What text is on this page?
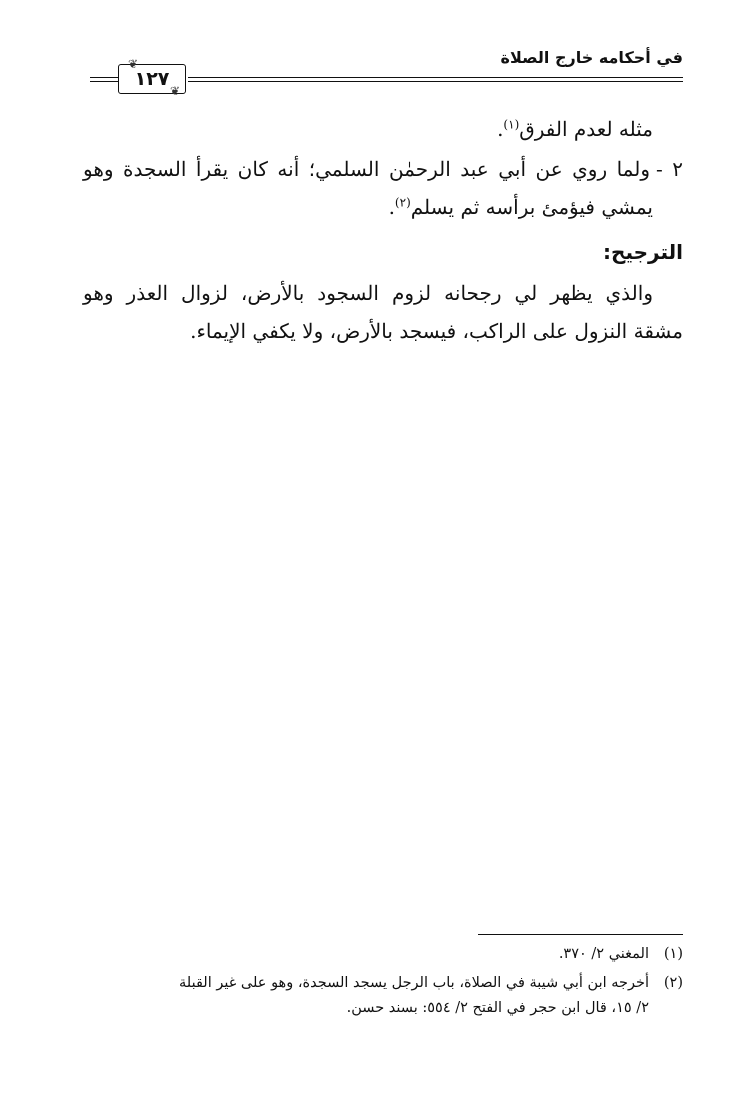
في أحكامه خارج الصلاة
١٢٧
❦
❦
مثله لعدم الفرق$^{(١)}$.
٢ -ولما روي عن أبي عبد الرحمٰن السلمي؛ أنه كان يقرأ السجدة وهو
يمشي فيؤمئ برأسه ثم يسلم$^{(٢)}$.
الترجيح:
والذي يظهر لي رجحانه لزوم السجود بالأرض، لزوال العذر وهو
مشقة النزول على الراكب، فيسجد بالأرض، ولا يكفي الإيماء.
(١)
المغني ٢/ ٣٧٠.
(٢)
أخرجه ابن أبي شيبة في الصلاة، باب الرجل يسجد السجدة، وهو على غير القبلة
٢/ ١٥، قال ابن حجر في الفتح ٢/ ٥٥٤: بسند حسن.
